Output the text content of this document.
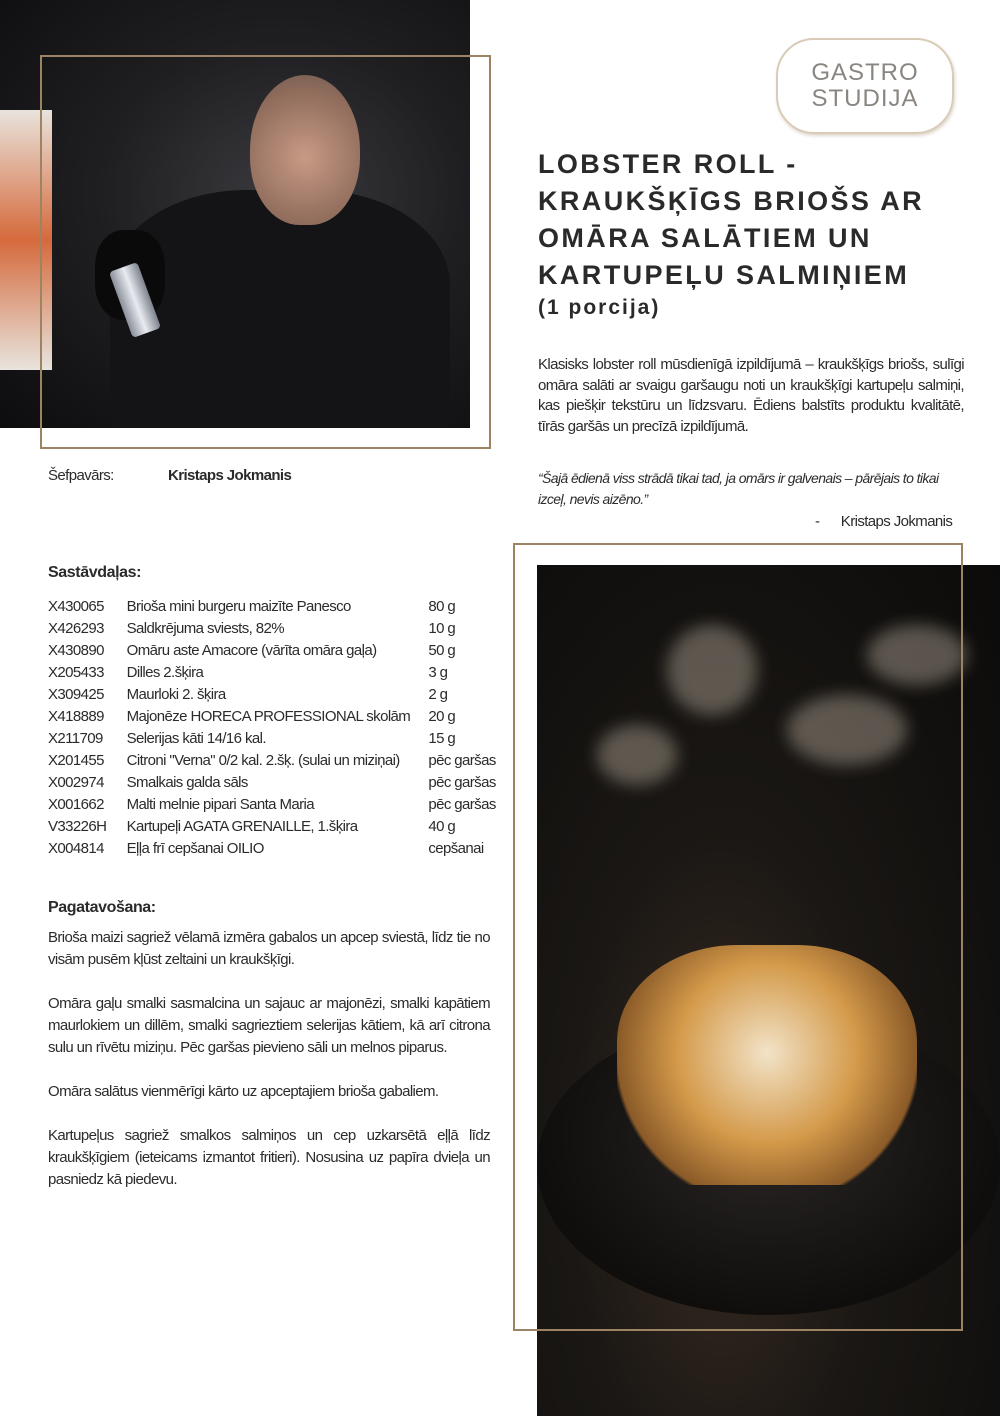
GASTRO
STUDIJA
LOBSTER ROLL -
KRAUKŠĶĪGS BRIOŠS AR
OMĀRA SALĀTIEM UN
KARTUPEĻU SALMIŅIEM
(1 porcija)
Klasisks lobster roll mūsdienīgā izpildījumā – kraukšķīgs briošs, sulīgi omāra salāti ar svaigu garšaugu noti un kraukšķīgi kartupeļu salmiņi, kas piešķir tekstūru un līdzsvaru. Ēdiens balstīts produktu kvalitātē, tīrās garšās un precīzā izpildījumā.
“Šajā ēdienā viss strādā tikai tad, ja omārs ir galvenais – pārējais to tikai izceļ, nevis aizēno.”
-      Kristaps Jokmanis
Šefpavārs:	Kristaps Jokmanis
Sastāvdaļas:
X430065	Brioša mini burgeru maizīte Panesco	80 g
X426293	Saldkrējuma sviests, 82%	10 g
X430890	Omāru aste Amacore (vārīta omāra gaļa)	50 g
X205433	Dilles 2.šķira	3 g
X309425	Maurloki 2. šķira	2 g
X418889	Majonēze HORECA PROFESSIONAL skolām	20 g
X211709	Selerijas kāti 14/16 kal.	15 g
X201455	Citroni "Verna" 0/2 kal. 2.šķ. (sulai un miziņai)	pēc garšas
X002974	Smalkais galda sāls	pēc garšas
X001662	Malti melnie pipari Santa Maria	pēc garšas
V33226H	Kartupeļi AGATA GRENAILLE, 1.šķira	40 g
X004814	Eļļa frī cepšanai OILIO	cepšanai
Pagatavošana:

Brioša maizi sagriež vēlamā izmēra gabalos un apcep sviestā, līdz tie no visām pusēm kļūst zeltaini un kraukšķīgi.

Omāra gaļu smalki sasmalcina un sajauc ar majonēzi, smalki kapātiem maurlokiem un dillēm, smalki sagrieztiem selerijas kātiem, kā arī citrona sulu un rīvētu miziņu. Pēc garšas pievieno sāli un melnos piparus.

Omāra salātus vienmērīgi kārto uz apceptajiem brioša gabaliem.

Kartupeļus sagriež smalkos salmiņos un cep uzkarsētā eļļā līdz kraukšķīgiem (ieteicams izmantot fritieri). Nosusina uz papīra dvieļa un pasniedz kā piedevu.
